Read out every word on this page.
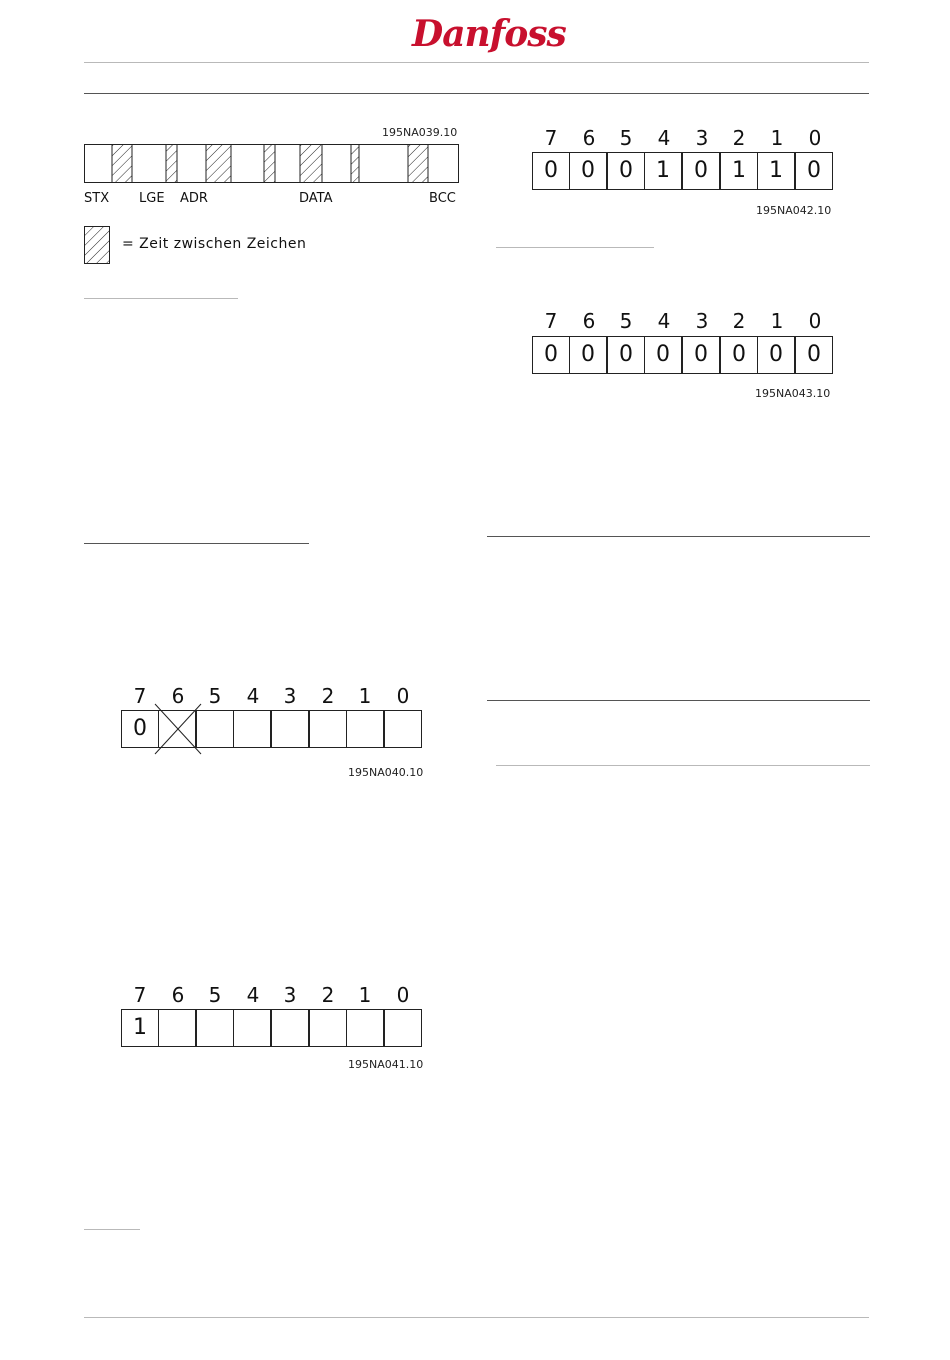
Danfoss
195NA039.10
STX LGE ADR	DATA	BCC
= Zeit zwischen Zeichen
7	6	5	4	3	2	1	0
0
195NA040.10
7	6	5	4	3	2	1	0
1
195NA041.10
7	6	5	4	3	2	1	0
0	0	0	1	0	1	1	0
195NA042.10
7	6	5	4	3	2	1	0
0	0	0	0	0	0	0	0
195NA043.10
